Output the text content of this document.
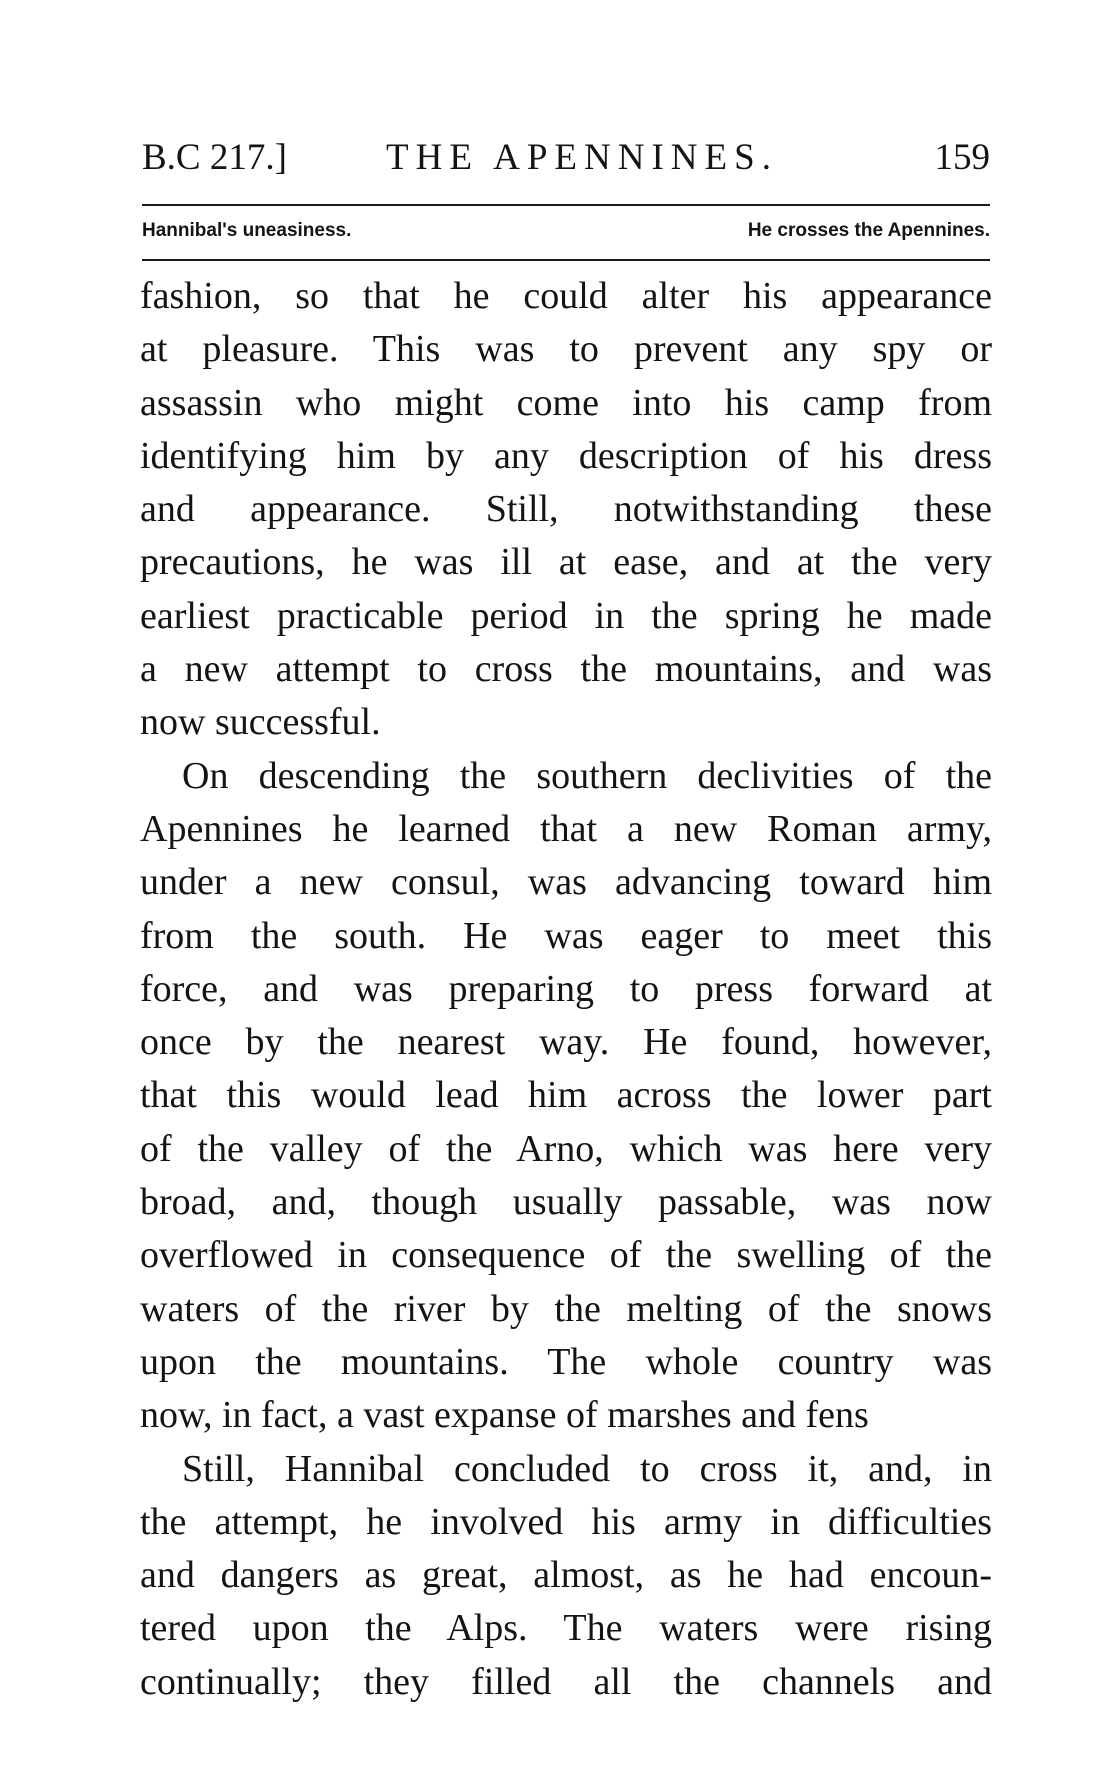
B.C 217.]	THE APENNINES.	159
Hannibal's uneasiness.	He crosses the Apennines.
fashion, so that he could alter his appearance
at pleasure. This was to prevent any spy or
assassin who might come into his camp from
identifying him by any description of his dress
and appearance. Still, notwithstanding these
precautions, he was ill at ease, and at the very
earliest practicable period in the spring he made
a new attempt to cross the mountains, and was
now successful.
On descending the southern declivities of the
Apennines he learned that a new Roman army,
under a new consul, was advancing toward him
from the south. He was eager to meet this
force, and was preparing to press forward at
once by the nearest way. He found, however,
that this would lead him across the lower part
of the valley of the Arno, which was here very
broad, and, though usually passable, was now
overflowed in consequence of the swelling of the
waters of the river by the melting of the snows
upon the mountains. The whole country was
now, in fact, a vast expanse of marshes and fens
Still, Hannibal concluded to cross it, and, in
the attempt, he involved his army in difficulties
and dangers as great, almost, as he had encoun-
tered upon the Alps. The waters were rising
continually; they filled all the channels and
